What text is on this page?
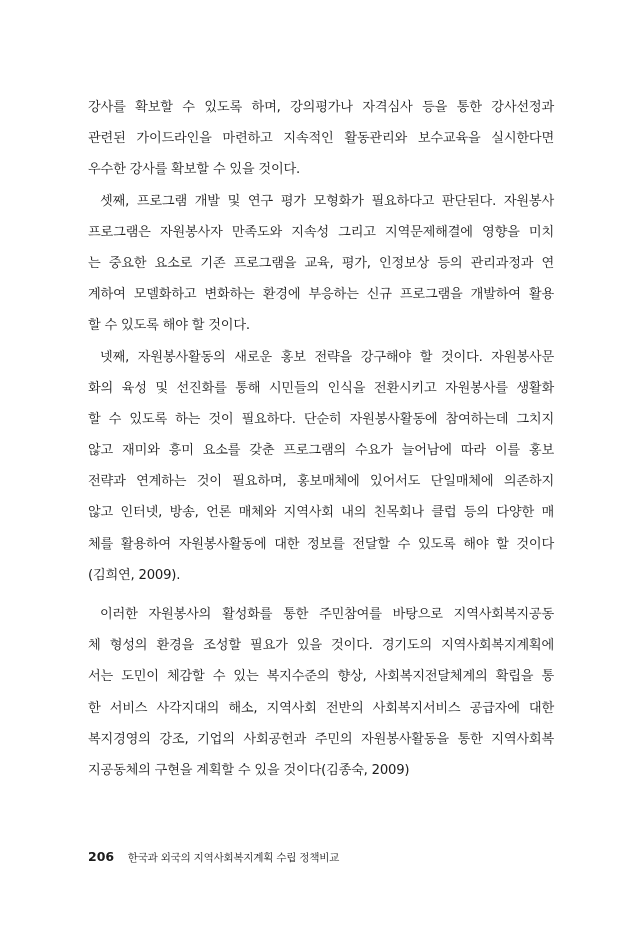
강사를 확보할 수 있도록 하며, 강의평가나 자격심사 등을 통한 강사선정과
관련된 가이드라인을 마련하고 지속적인 활동관리와 보수교육을 실시한다면
우수한 강사를 확보할 수 있을 것이다.
셋째, 프로그램 개발 및 연구 평가 모형화가 필요하다고 판단된다. 자원봉사
프로그램은 자원봉사자 만족도와 지속성 그리고 지역문제해결에 영향을 미치
는 중요한 요소로 기존 프로그램을 교육, 평가, 인정보상 등의 관리과정과 연
계하여 모델화하고 변화하는 환경에 부응하는 신규 프로그램을 개발하여 활용
할 수 있도록 해야 할 것이다.
넷째, 자원봉사활동의 새로운 홍보 전략을 강구해야 할 것이다. 자원봉사문
화의 육성 및 선진화를 통해 시민들의 인식을 전환시키고 자원봉사를 생활화
할 수 있도록 하는 것이 필요하다. 단순히 자원봉사활동에 참여하는데 그치지
않고 재미와 흥미 요소를 갖춘 프로그램의 수요가 늘어남에 따라 이를 홍보
전략과 연계하는 것이 필요하며, 홍보매체에 있어서도 단일매체에 의존하지
않고 인터넷, 방송, 언론 매체와 지역사회 내의 친목회나 클럽 등의 다양한 매
체를 활용하여 자원봉사활동에 대한 정보를 전달할 수 있도록 해야 할 것이다
(김희연, 2009).
이러한 자원봉사의 활성화를 통한 주민참여를 바탕으로 지역사회복지공동
체 형성의 환경을 조성할 필요가 있을 것이다. 경기도의 지역사회복지계획에
서는 도민이 체감할 수 있는 복지수준의 향상, 사회복지전달체계의 확립을 통
한 서비스 사각지대의 해소, 지역사회 전반의 사회복지서비스 공급자에 대한
복지경영의 강조, 기업의 사회공헌과 주민의 자원봉사활동을 통한 지역사회복
지공동체의 구현을 계획할 수 있을 것이다(김종숙, 2009)
206 한국과 외국의 지역사회복지계획 수립 정책비교
